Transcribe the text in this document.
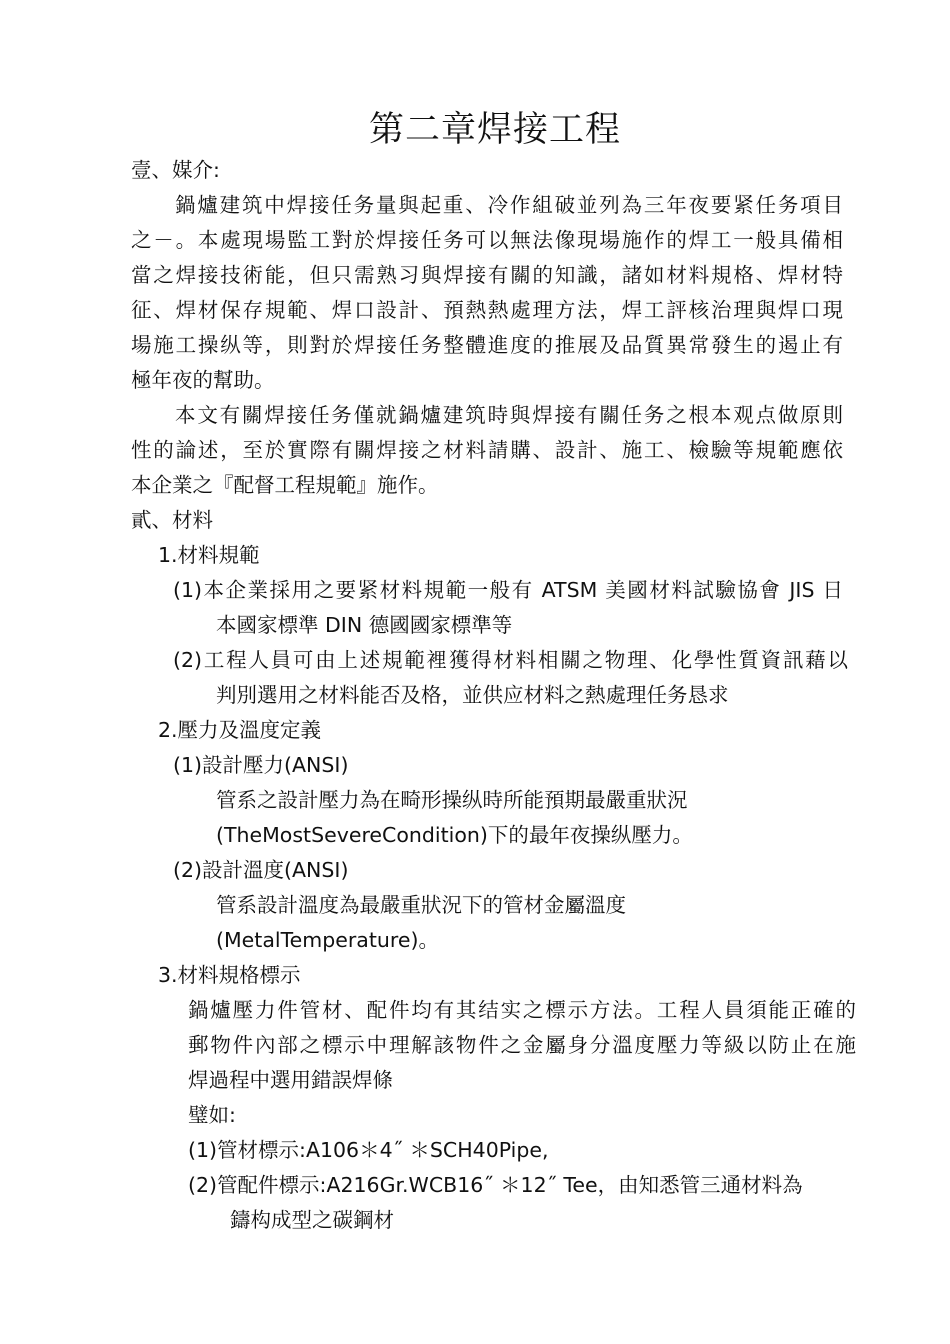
第二章焊接工程
壹、媒介:
鍋爐建筑中焊接任务量與起重、冷作組破並列為三年夜要紧任务項目
之－。本處現場監工對於焊接任务可以無法像現場施作的焊工一般具備相
當之焊接技術能，但只需熟习與焊接有關的知識，諸如材料規格、焊材特
征、焊材保存規範、焊口設計、預熱熱處理方法，焊工評核治理與焊口現
場施工操纵等，則對於焊接任务整體進度的推展及品質異常發生的遏止有
極年夜的幫助。
本文有關焊接任务僅就鍋爐建筑時與焊接有關任务之根本观点做原則
性的論述，至於實際有關焊接之材料請購、設計、施工、檢驗等規範應依
本企業之『配督工程規範』施作。
貳、材料
1.材料規範
(1)本企業採用之要紧材料規範一般有 ATSM 美國材料試驗協會 JIS 日
本國家標準 DIN 德國國家標準等
(2)工程人員可由上述規範裡獲得材料相關之物理、化學性質資訊藉以
判別選用之材料能否及格，並供应材料之熱處理任务恳求
2.壓力及溫度定義
(1)設計壓力(ANSI)
管系之設計壓力為在畸形操纵時所能預期最嚴重狀況
(TheMostSevereCondition)下的最年夜操纵壓力。
(2)設計溫度(ANSI)
管系設計溫度為最嚴重狀況下的管材金屬溫度
(MetalTemperature)。
3.材料規格標示
鍋爐壓力件管材、配件均有其结实之標示方法。工程人員須能正確的
郵物件內部之標示中理解該物件之金屬身分溫度壓力等級以防止在施
焊過程中選用錯誤焊條
璧如:
(1)管材標示:A106＊4˝ ＊SCH40Pipe,
(2)管配件標示:A216Gr.WCB16˝ ＊12˝ Tee，由知悉管三通材料為
鑄构成型之碳鋼材
